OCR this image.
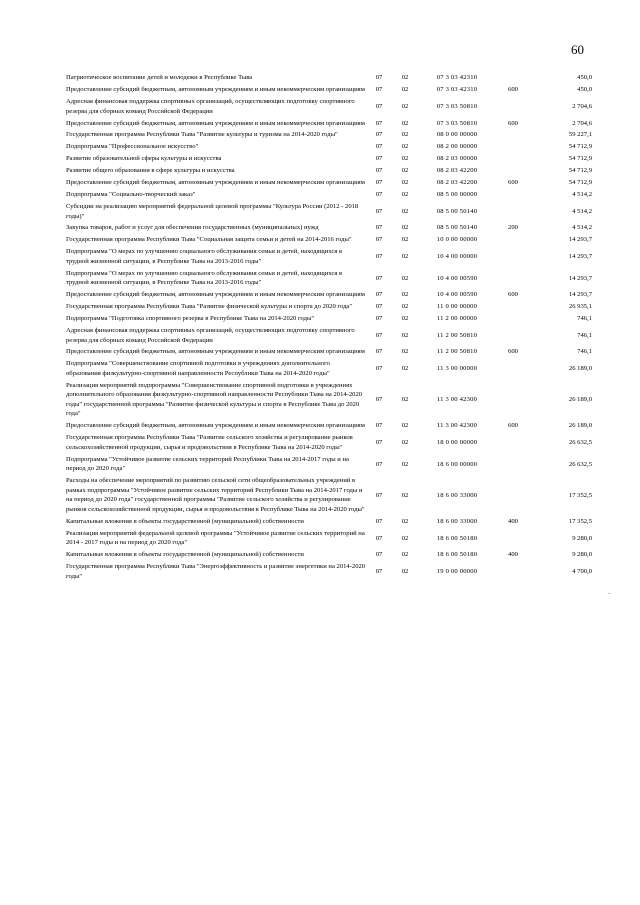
60
Патриотическое воспитание детей и молодежи в Республике Тыва	07	02	07 3 03 42310		450,0
Предоставление субсидий бюджетным, автономным учреждениям и иным некоммерческим организациям	07	02	07 3 03 42310	600	450,0
Адресная финансовая поддержка спортивных организаций, осуществляющих подготовку спортивного резерва для сборных команд Российской Федерации	07	02	07 3 03 50810		2 704,6
Предоставление субсидий бюджетным, автономным учреждениям и иным некоммерческим организациям	07	02	07 3 03 50810	600	2 704,6
Государственная программа Республики Тыва "Развитие культуры и туризма на 2014-2020 годы"	07	02	08 0 00 00000		59 227,1
Подпрограмма "Профессиональное искусство"	07	02	08 2 00 00000		54 712,9
Развитие образовательной сферы культуры и искусства	07	02	08 2 03 00000		54 712,9
Развитие общего образования в сфере культуры и искусства	07	02	08 2 03 42200		54 712,9
Предоставление субсидий бюджетным, автономным учреждениям и иным некоммерческим организациям	07	02	08 2 03 42200	600	54 712,9
Подпрограмма "Социально-творческий заказ"	07	02	08 5 00 00000		4 514,2
Субсидии на реализацию мероприятий федеральной целевой программы "Культура России (2012 - 2018 годы)"	07	02	08 5 00 50140		4 514,2
Закупка товаров, работ и услуг для обеспечения государственных (муниципальных) нужд	07	02	08 5 00 50140	200	4 514,2
Государственная программа Республики Тыва "Социальная защита семьи и детей на 2014-2016 годы"	07	02	10 0 00 00000		14 293,7
Подпрограмма "О мерах по улучшению социального обслуживания семьи и детей, находящихся в трудной жизненной ситуации, в Республике Тыва на 2013-2016 годы"	07	02	10 4 00 00000		14 293,7
Подпрограмма "О мерах по улучшению социального обслуживания семьи и детей, находящихся в трудной жизненной ситуации, в Республике Тыва на 2013-2016 годы"	07	02	10 4 00 00590		14 293,7
Предоставление субсидий бюджетным, автономным учреждениям и иным некоммерческим организациям	07	02	10 4 00 00590	600	14 293,7
Государственная программа Республики Тыва "Развитие физической культуры и спорта до 2020 года"	07	02	11 0 00 00000		26 935,1
Подпрограмма "Подготовка спортивного резерва в Республике Тыва на 2014-2020 годы"	07	02	11 2 00 00000		746,1
Адресная финансовая поддержка спортивных организаций, осуществляющих подготовку спортивного резерва для сборных команд Российской Федерации	07	02	11 2 00 50810		746,1
Предоставление субсидий бюджетным, автономным учреждениям и иным некоммерческим организациям	07	02	11 2 00 50810	600	746,1
Подпрограмма "Совершенствование спортивной подготовки в учреждениях дополнительного образования физкультурно-спортивной направленности Республики Тыва на 2014-2020 годы"	07	02	11 3 00 00000		26 189,0
Реализация мероприятий подпрограммы "Совершенствование спортивной подготовки в учреждениях дополнительного образования физкультурно-спортивной направленности Республики Тыва на 2014-2020 годы" государственной программы "Развитие физической культуры и спорта в Республике Тыва до 2020 года"	07	02	11 3 00 42300		26 189,0
Предоставление субсидий бюджетным, автономным учреждениям и иным некоммерческим организациям	07	02	11 3 00 42300	600	26 189,0
Государственная программа Республики Тыва "Развитие сельского хозяйства и регулирование рынков сельскохозяйственной продукции, сырья и продовольствия в Республике Тыва на 2014-2020 годы"	07	02	18 0 00 00000		26 632,5
Подпрограмма "Устойчивое развитие сельских территорий Республики Тыва на 2014-2017 годы и на период до 2020 года"	07	02	18 6 00 00000		26 632,5
Расходы на обеспечение мероприятий по развитию сельской сети общеобразовательных учреждений в рамках подпрограммы "Устойчивое развитие сельских территорий Республики Тыва на 2014-2017 годы и на период до 2020 года" государственной программы "Развитие сельского хозяйства и регулирование рынков сельскохозяйственной продукции, сырья и продовольствия в Республике Тыва на 2014-2020 годы"	07	02	18 6 00 33000		17 352,5
Капитальные вложения в объекты государственной (муниципальной) собственности	07	02	18 6 00 33000	400	17 352,5
Реализация мероприятий федеральной целевой программы "Устойчивое развитие сельских территорий на 2014 - 2017 годы и на период до 2020 года"	07	02	18 6 00 50180		9 280,0
Капитальные вложения в объекты государственной (муниципальной) собственности	07	02	18 6 00 50180	400	9 280,0
Государственная программа Республики Тыва "Энергоэффективность и развитие энергетики на 2014-2020 годы"	07	02	19 0 00 00000		4 700,0
.
